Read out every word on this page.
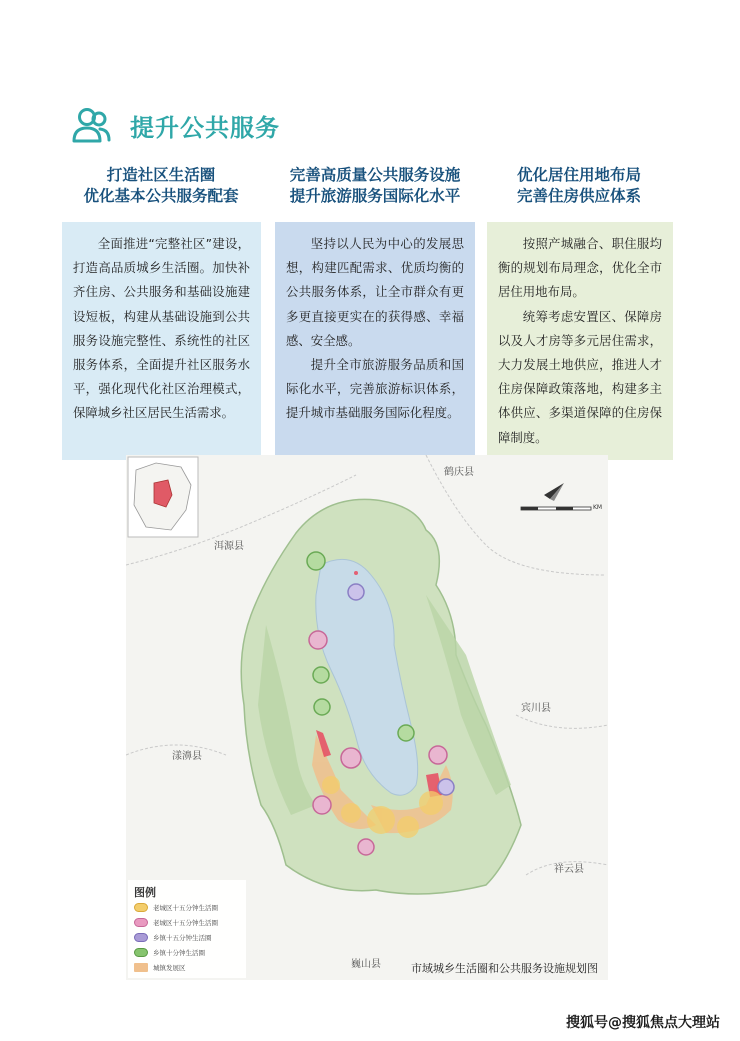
提升公共服务
打造社区生活圈
优化基本公共服务配套
完善高质量公共服务设施
提升旅游服务国际化水平
优化居住用地布局
完善住房供应体系

全面推进“完整社区”建设，打造高品质城乡生活圈。加快补齐住房、公共服务和基础设施建设短板，构建从基础设施到公共服务设施完整性、系统性的社区服务体系，全面提升社区服务水平，强化现代化社区治理模式，保障城乡社区居民生活需求。

坚持以人民为中心的发展思想，构建匹配需求、优质均衡的公共服务体系，让全市群众有更多更直接更实在的获得感、幸福感、安全感。

提升全市旅游服务品质和国际化水平，完善旅游标识体系，提升城市基础服务国际化程度。

按照产城融合、职住服均衡的规划布局理念，优化全市居住用地布局。

统筹考虑安置区、保障房以及人才房等多元居住需求，大力发展土地供应，推进人才住房保障政策落地，构建多主体供应、多渠道保障的住房保障制度。

鹤庆县
洱源县
宾川县
漾濞县
祥云县
巍山县
KM
图例
老城区十五分钟生活圈
老城区十五分钟生活圈
乡镇十五分钟生活圈
乡镇十分钟生活圈
城镇发展区	市域城乡生活圈和公共服务设施规划图
搜狐号@搜狐焦点大理站
